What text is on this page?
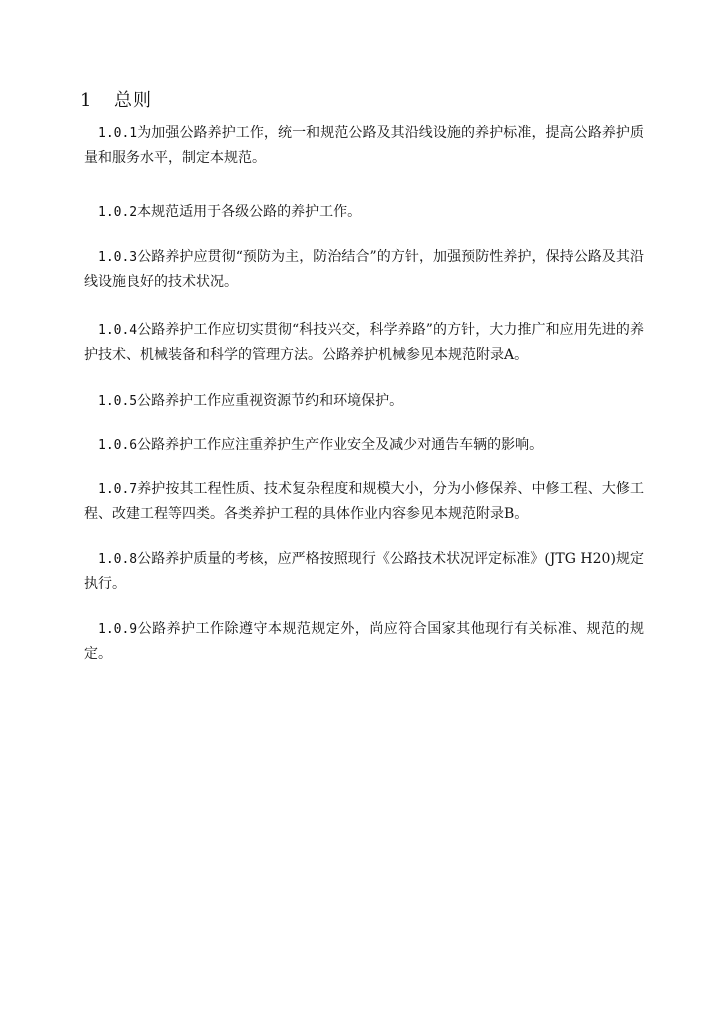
1 总则

1.0.1为加强公路养护工作，统一和规范公路及其沿线设施的养护标准，提高公路养护质量和服务水平，制定本规范。

1.0.2本规范适用于各级公路的养护工作。

1.0.3公路养护应贯彻“预防为主，防治结合”的方针，加强预防性养护，保持公路及其沿线设施良好的技术状况。

1.0.4公路养护工作应切实贯彻“科技兴交，科学养路”的方针，大力推广和应用先进的养护技术、机械装备和科学的管理方法。公路养护机械参见本规范附录A。

1.0.5公路养护工作应重视资源节约和环境保护。

1.0.6公路养护工作应注重养护生产作业安全及减少对通告车辆的影响。

1.0.7养护按其工程性质、技术复杂程度和规模大小，分为小修保养、中修工程、大修工程、改建工程等四类。各类养护工程的具体作业内容参见本规范附录B。

1.0.8公路养护质量的考核，应严格按照现行《公路技术状况评定标准》(JTG H20)规定执行。

1.0.9公路养护工作除遵守本规范规定外，尚应符合国家其他现行有关标准、规范的规定。
